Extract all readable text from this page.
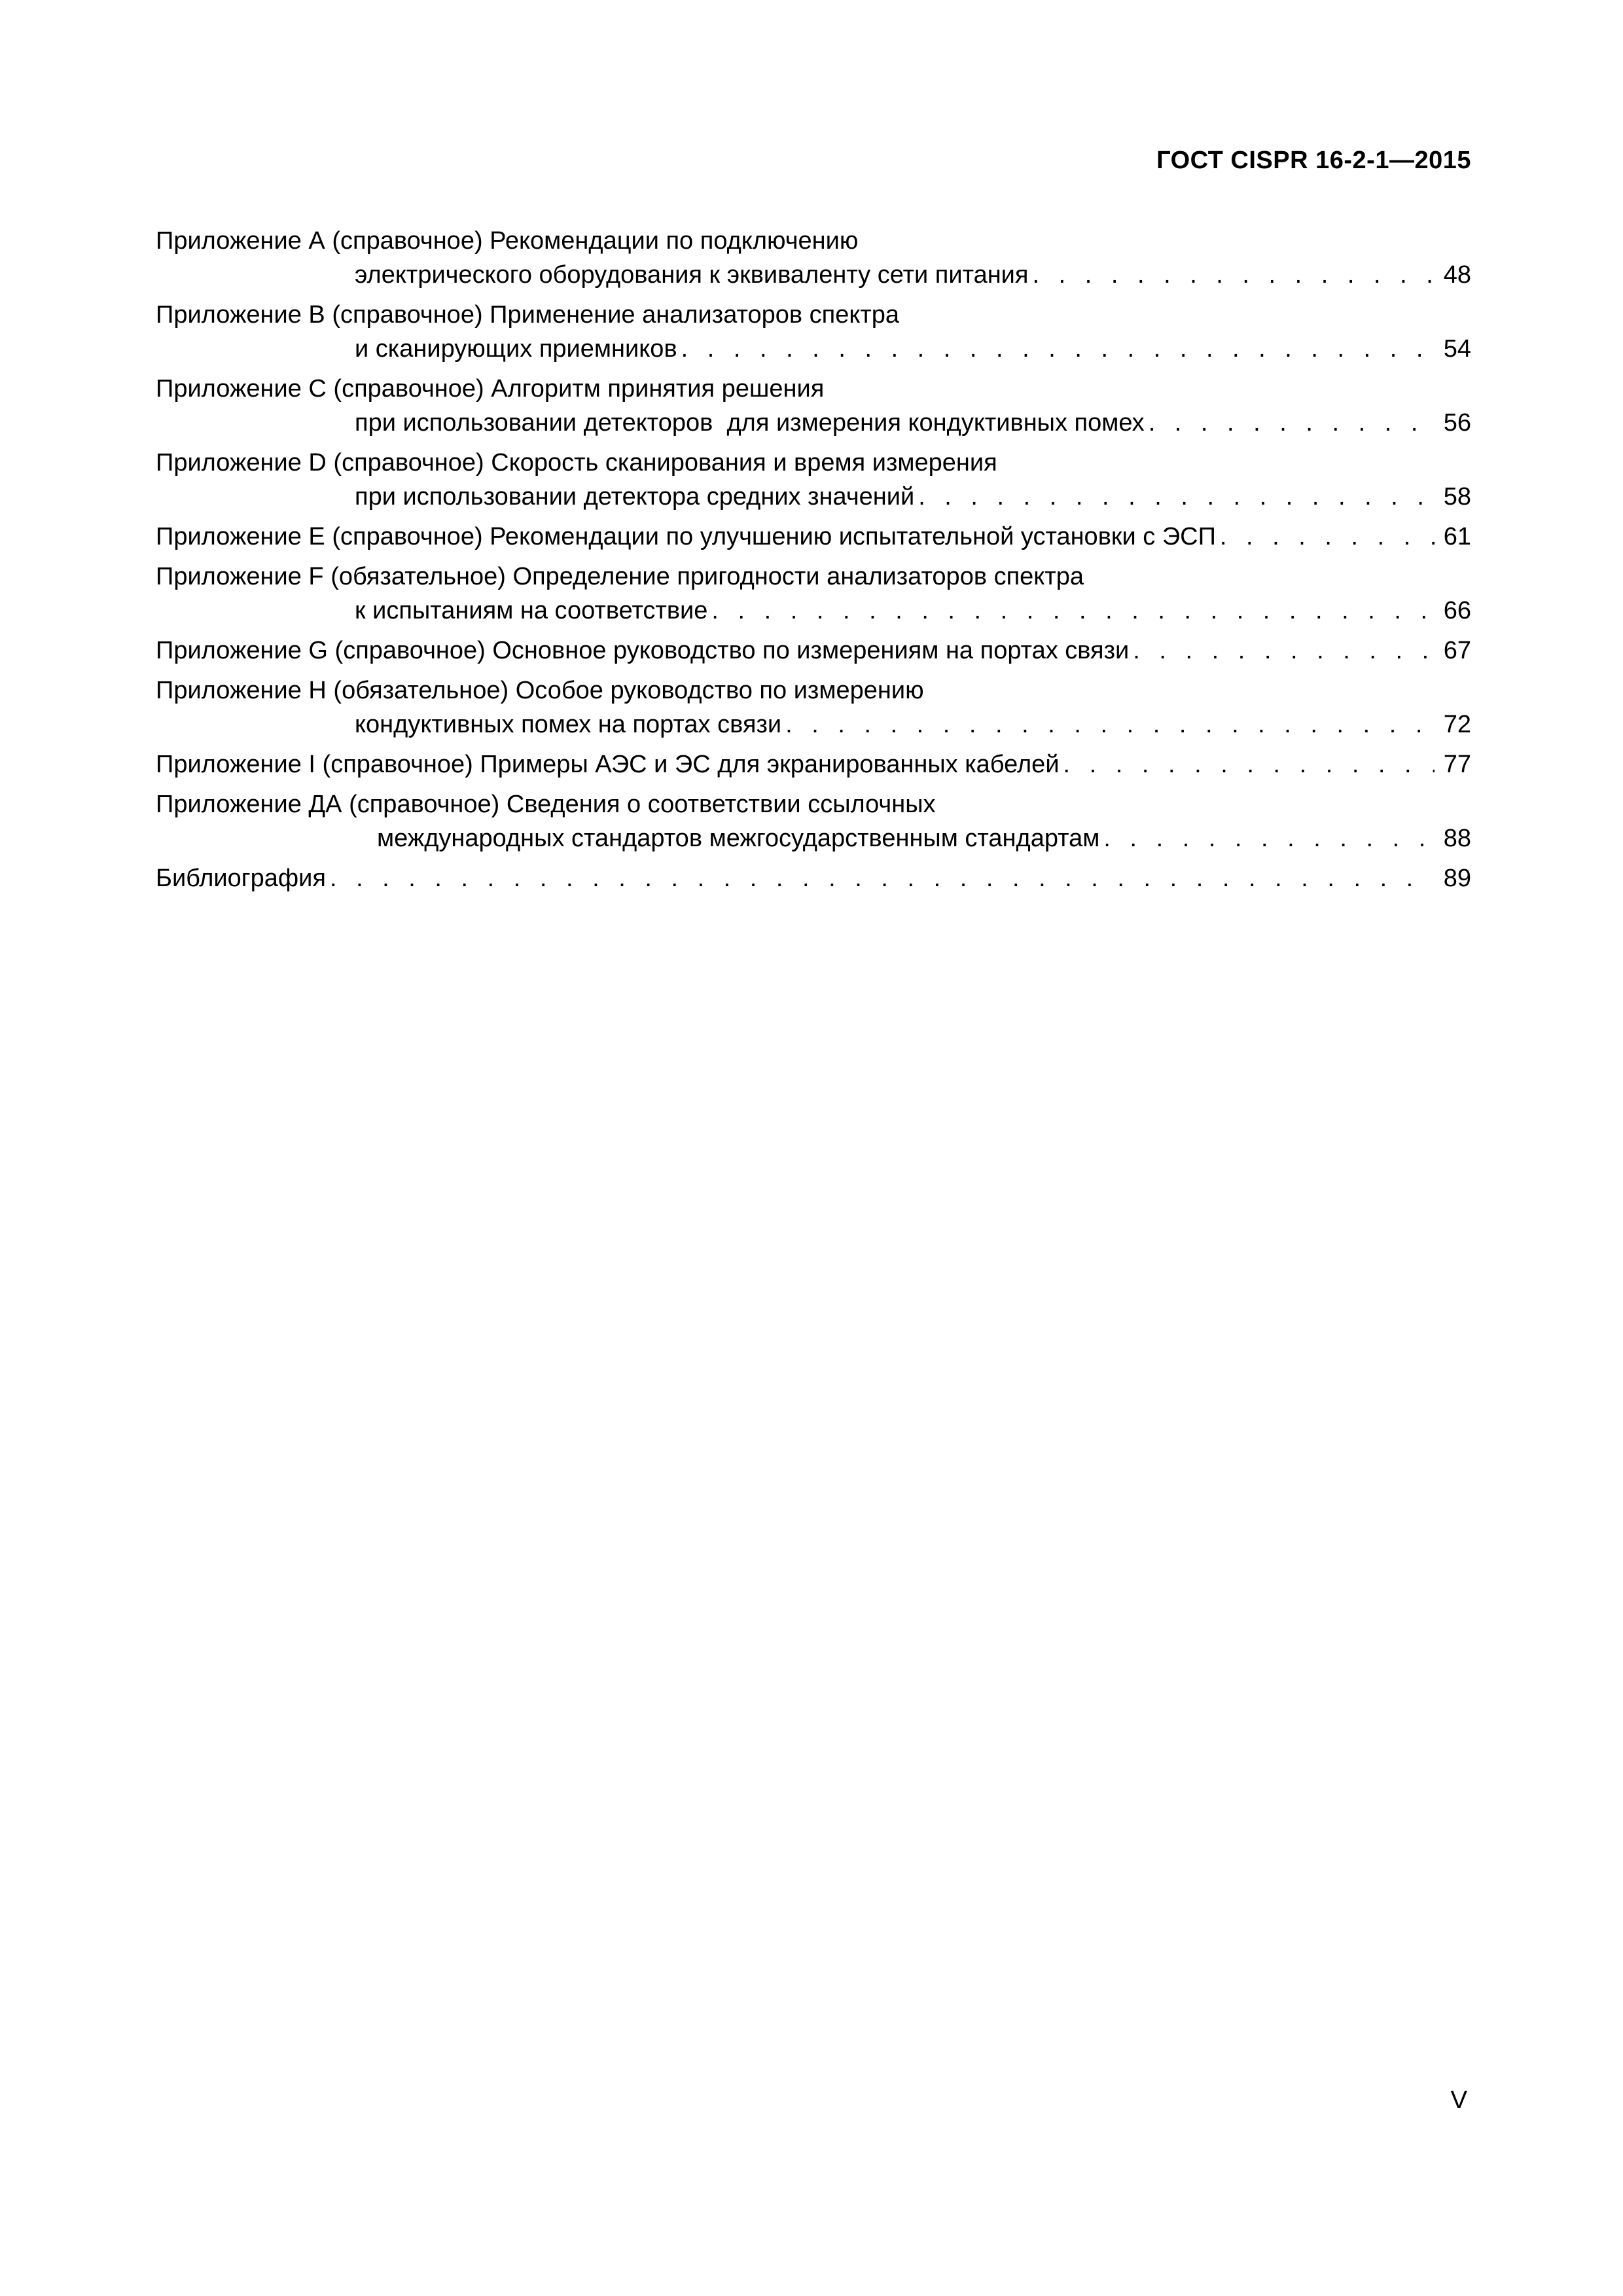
ГОСТ CISPR 16-2-1—2015
Приложение А (справочное) Рекомендации по подключению
электрического оборудования к эквиваленту сети питания . . .	48
Приложение В (справочное) Применение анализаторов спектра
и сканирующих приемников . . .	54
Приложение С (справочное) Алгоритм принятия решения
при использовании детекторов  для измерения кондуктивных помех . . .	56
Приложение D (справочное) Скорость сканирования и время измерения
при использовании детектора средних значений . . .	58
Приложение Е (справочное) Рекомендации по улучшению испытательной установки с ЭСП . . .	61
Приложение F (обязательное) Определение пригодности анализаторов спектра
к испытаниям на соответствие . . .	66
Приложение G (справочное) Основное руководство по измерениям на портах связи . . .	67
Приложение Н (обязательное) Особое руководство по измерению
кондуктивных помех на портах связи . . .	72
Приложение I (справочное) Примеры АЭС и ЭС для экранированных кабелей . . .	77
Приложение ДА (справочное) Сведения о соответствии ссылочных
международных стандартов межгосударственным стандартам . . .	88
Библиография . . .	89
V
